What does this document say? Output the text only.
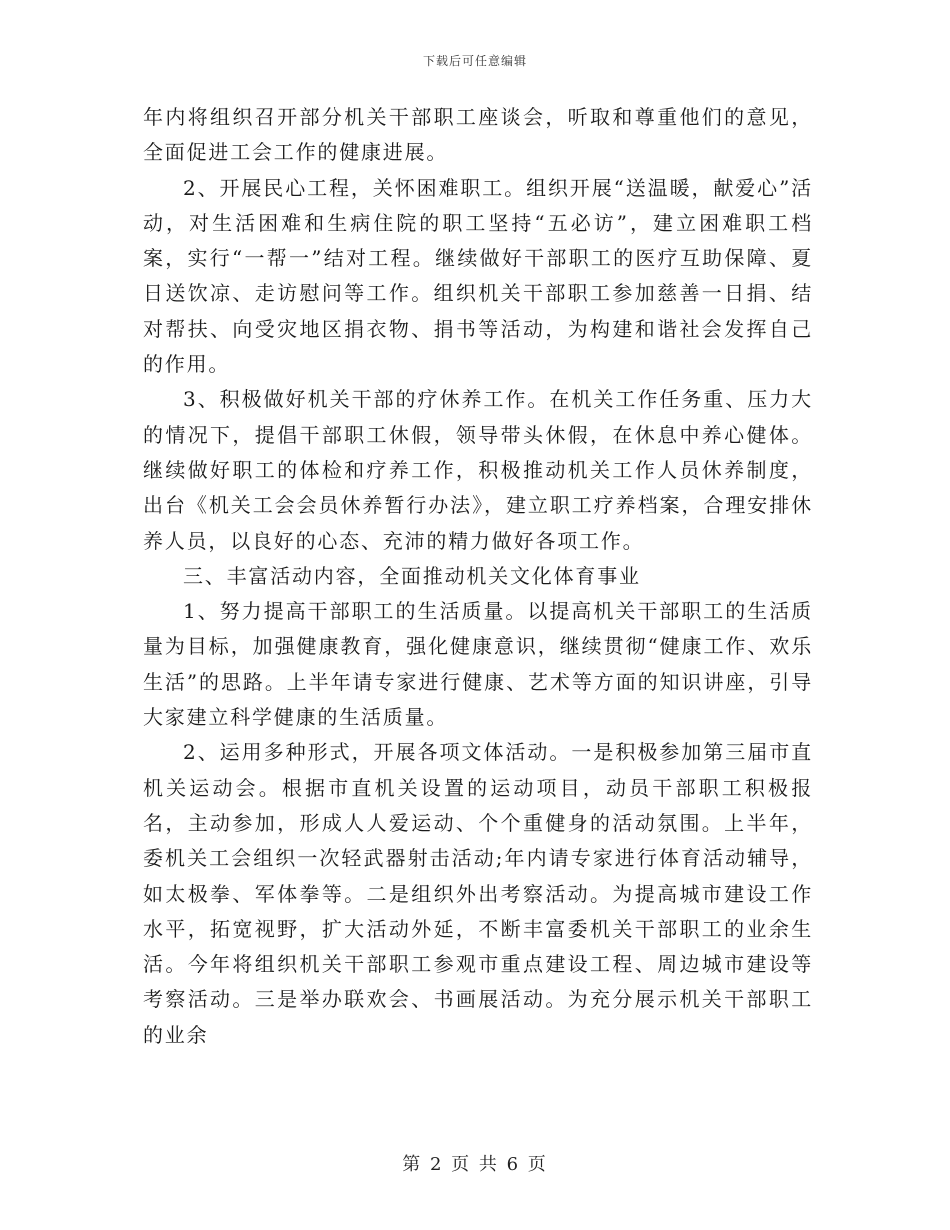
下载后可任意编辑

年内将组织召开部分机关干部职工座谈会，听取和尊重他们的意见，全面促进工会工作的健康进展。

2、开展民心工程，关怀困难职工。组织开展“送温暖，献爱心”活动，对生活困难和生病住院的职工坚持“五必访”，建立困难职工档案，实行“一帮一”结对工程。继续做好干部职工的医疗互助保障、夏日送饮凉、走访慰问等工作。组织机关干部职工参加慈善一日捐、结对帮扶、向受灾地区捐衣物、捐书等活动，为构建和谐社会发挥自己的作用。

3、积极做好机关干部的疗休养工作。在机关工作任务重、压力大的情况下，提倡干部职工休假，领导带头休假，在休息中养心健体。继续做好职工的体检和疗养工作，积极推动机关工作人员休养制度，出台《机关工会会员休养暂行办法》，建立职工疗养档案，合理安排休养人员，以良好的心态、充沛的精力做好各项工作。

三、丰富活动内容，全面推动机关文化体育事业

1、努力提高干部职工的生活质量。以提高机关干部职工的生活质量为目标，加强健康教育，强化健康意识，继续贯彻“健康工作、欢乐生活”的思路。上半年请专家进行健康、艺术等方面的知识讲座，引导大家建立科学健康的生活质量。

2、运用多种形式，开展各项文体活动。一是积极参加第三届市直机关运动会。根据市直机关设置的运动项目，动员干部职工积极报名，主动参加，形成人人爱运动、个个重健身的活动氛围。上半年，委机关工会组织一次轻武器射击活动;年内请专家进行体育活动辅导，如太极拳、军体拳等。二是组织外出考察活动。为提高城市建设工作水平，拓宽视野，扩大活动外延，不断丰富委机关干部职工的业余生活。今年将组织机关干部职工参观市重点建设工程、周边城市建设等考察活动。三是举办联欢会、书画展活动。为充分展示机关干部职工的业余

第 2 页 共 6 页
